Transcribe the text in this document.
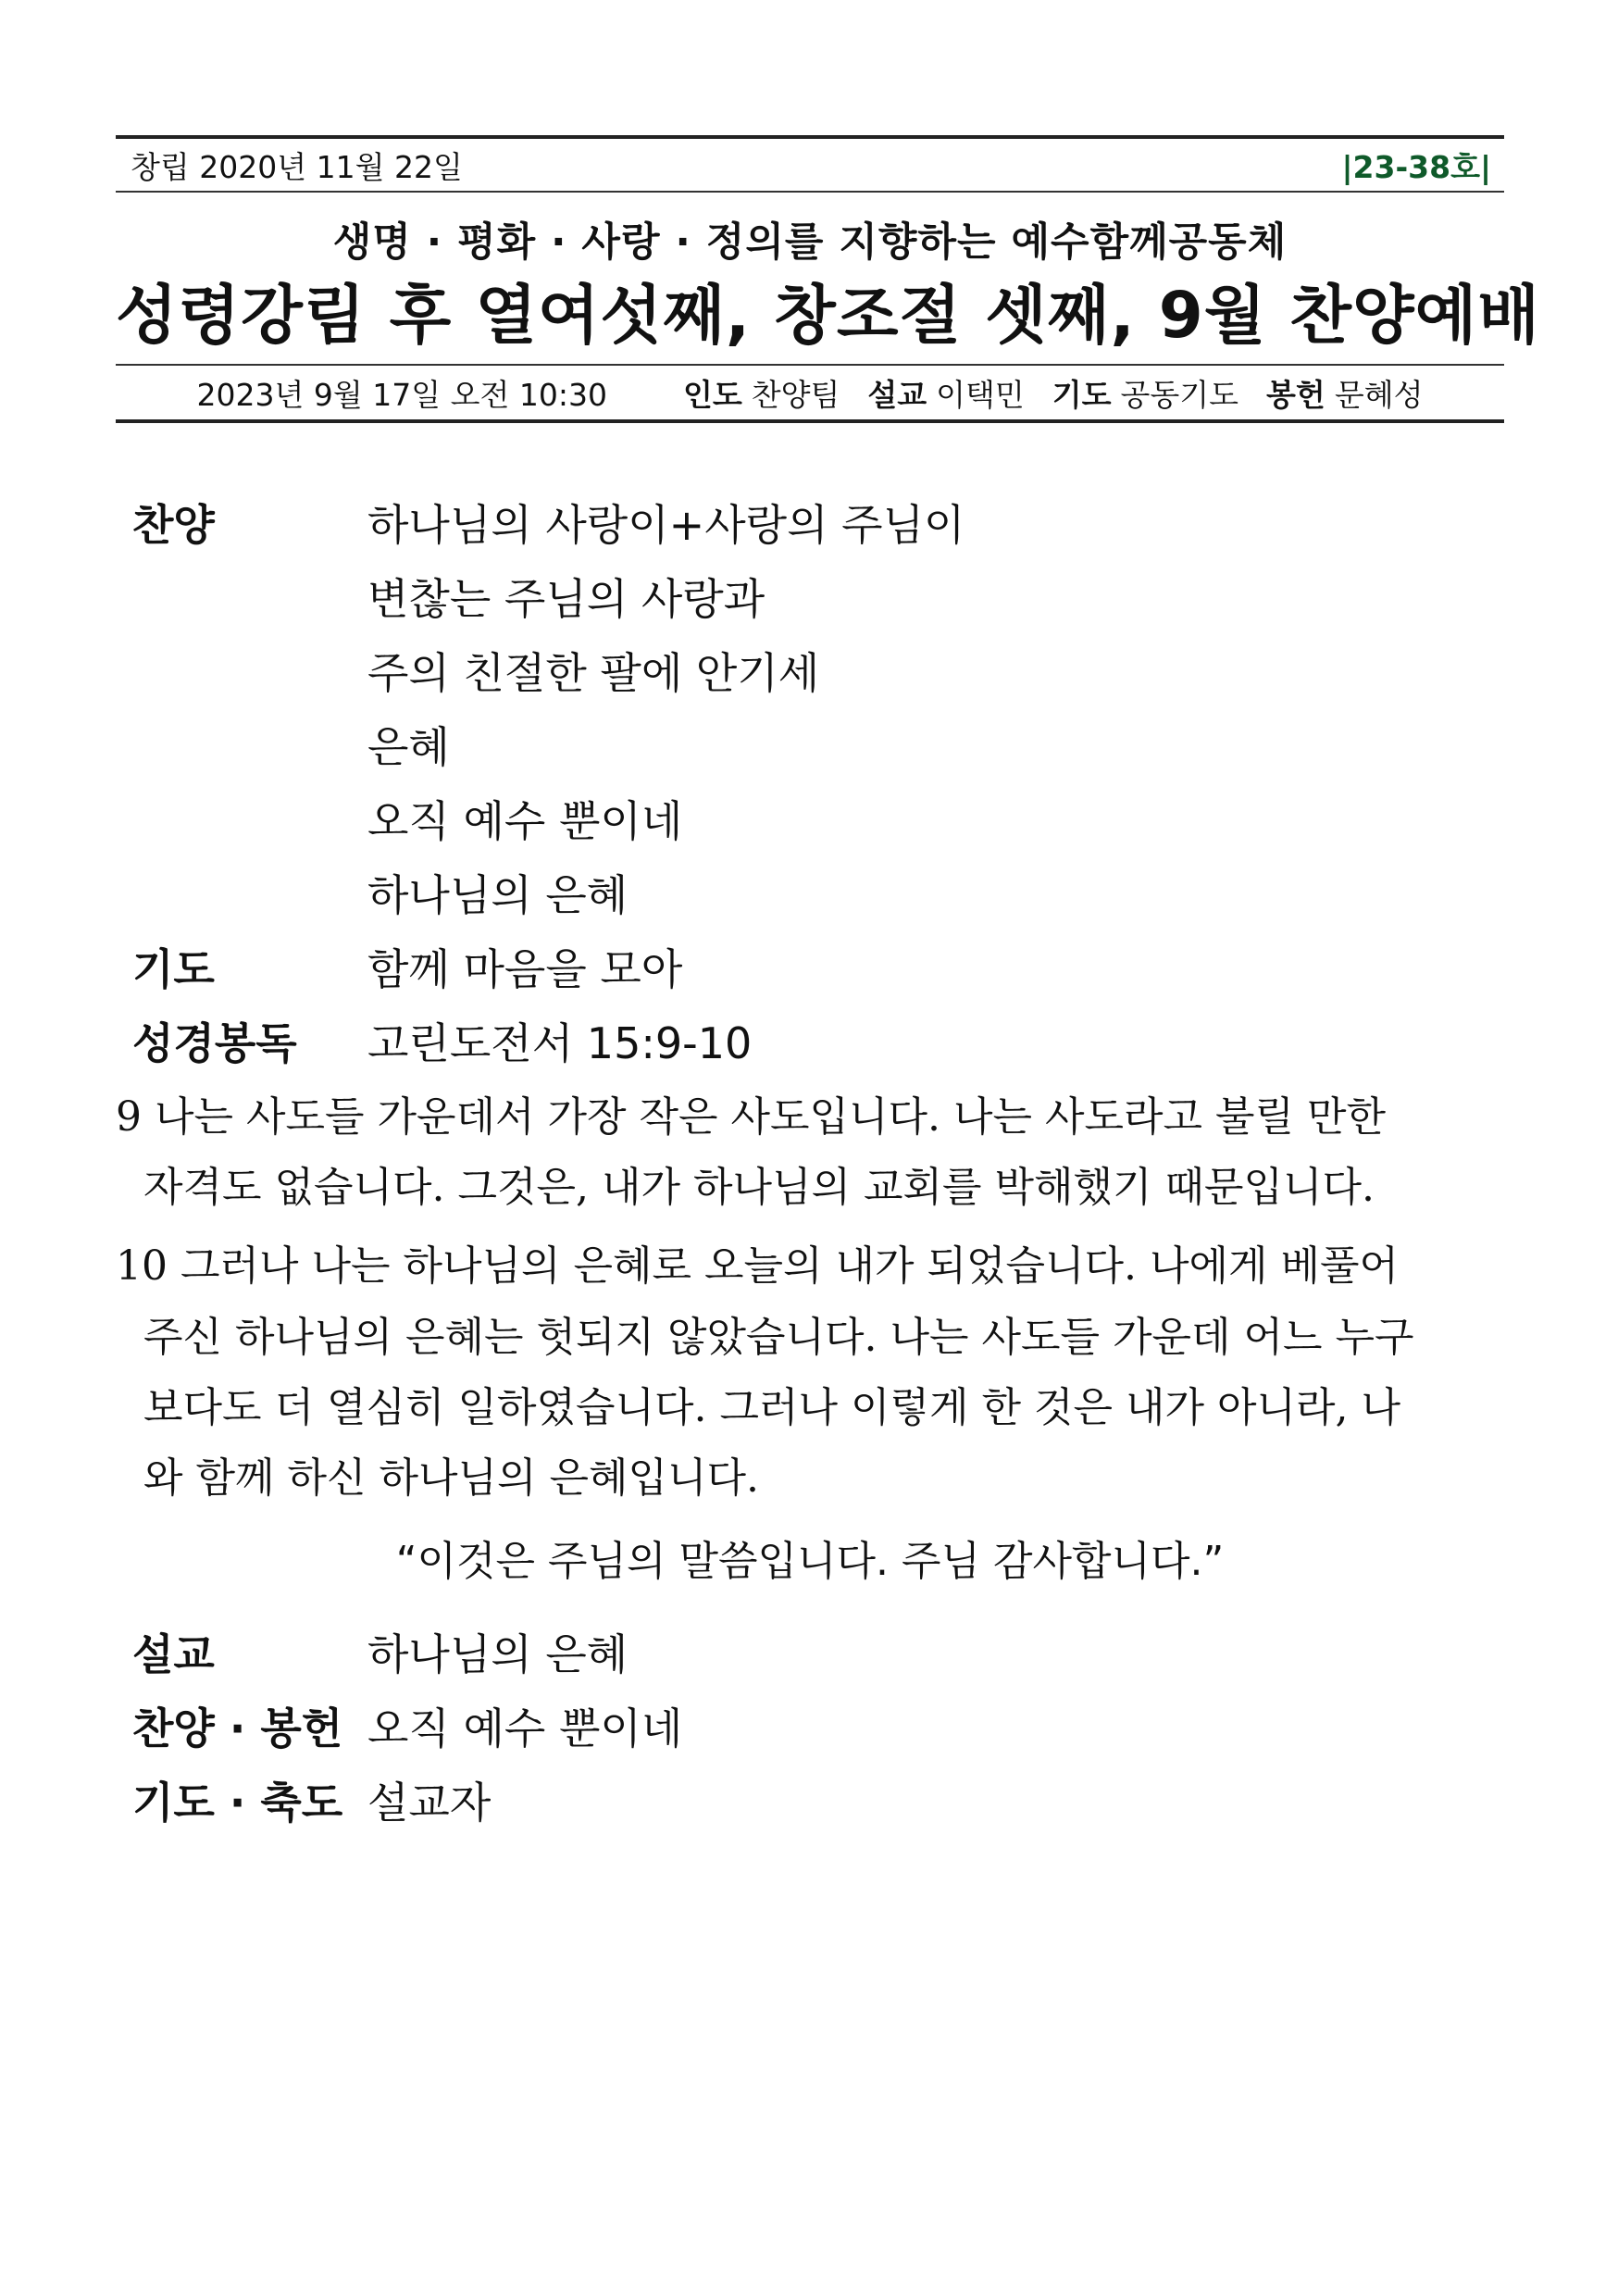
창립 2020년 11월 22일	|23-38호|
생명 · 평화 · 사랑 · 정의를 지향하는 예수함께공동체
성령강림 후 열여섯째, 창조절 셋째, 9월 찬양예배
2023년 9월 17일 오전 10:30 인도 찬양팀 설교 이택민 기도 공동기도 봉헌 문혜성
찬양	하나님의 사랑이+사랑의 주님이
변찮는 주님의 사랑과
주의 친절한 팔에 안기세
은혜
오직 예수 뿐이네
하나님의 은혜
기도	함께 마음을 모아
성경봉독 고린도전서 15:9-10
9 나는 사도들 가운데서 가장 작은 사도입니다. 나는 사도라고 불릴 만한
자격도 없습니다. 그것은, 내가 하나님의 교회를 박해했기 때문입니다.
10 그러나 나는 하나님의 은혜로 오늘의 내가 되었습니다. 나에게 베풀어
주신 하나님의 은혜는 헛되지 않았습니다. 나는 사도들 가운데 어느 누구
보다도 더 열심히 일하였습니다. 그러나 이렇게 한 것은 내가 아니라, 나
와 함께 하신 하나님의 은혜입니다.
“이것은 주님의 말씀입니다. 주님 감사합니다.”
설교	하나님의 은혜
찬양 · 봉헌 오직 예수 뿐이네
기도 · 축도 설교자
